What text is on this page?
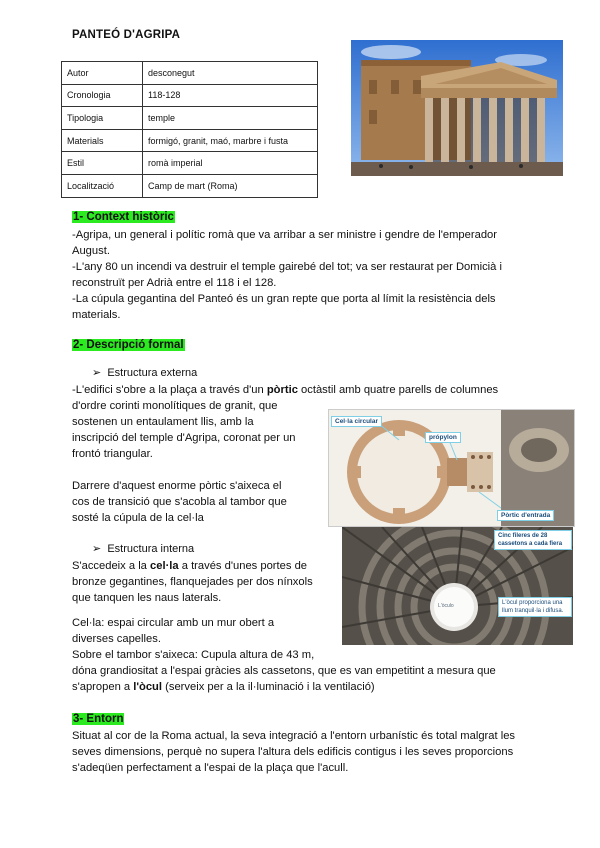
PANTEÓ D'AGRIPA
Autor	desconegut
Cronologia	118-128
Tipologia	temple
Materials	formigó, granit, maó, marbre i fusta
Estil	romà imperial
Localització	Camp de mart (Roma)
1- Context històric
-Agripa, un general i polític romà que va arribar a ser ministre i gendre de l'emperador
August.
-L'any 80 un incendi va destruir el temple gairebé del tot; va ser restaurat per Domicià i
reconstruït per Adrià entre el 118 i el 128.
-La cúpula gegantina del Panteó és un gran repte que porta al límit la resistència dels
materials.
2- Descripció formal
➢ Estructura externa
-L'edifici s'obre a la plaça a través d'un pòrtic octàstil amb quatre parells de columnes
d'ordre corinti monolítiques de granit, que
sostenen un entaulament llis, amb la
inscripció del temple d'Agripa, coronat per un
frontó triangular.
Darrere d'aquest enorme pòrtic s'aixeca el
cos de transició que s'acobla al tambor que
sosté la cúpula de la cel·la
Cel·la circular
própylon
Pòrtic d'entrada
➢ Estructura interna
S'accedeix a la cel·la a través d'unes portes de
bronze gegantines, flanquejades per dos nínxols
que tanquen les naus laterals.
L'òculo
Cinc fileres de 28 cassetons a cada fiera
L'òcul proporciona una llum tranquil·la i difusa.
Cel·la: espai circular amb un mur obert a
diverses capelles.
Sobre el tambor s'aixeca: Cupula altura de 43 m,
dóna grandiositat a l'espai gràcies als cassetons, que es van empetitint a mesura que
s'apropen a l'òcul (serveix per a la il·luminació i la ventilació)
3- Entorn
Situat al cor de la Roma actual, la seva integració a l'entorn urbanístic és total malgrat les
seves dimensions, perquè no supera l'altura dels edificis contigus i les seves proporcions
s'adeqüen perfectament a l'espai de la plaça que l'acull.
